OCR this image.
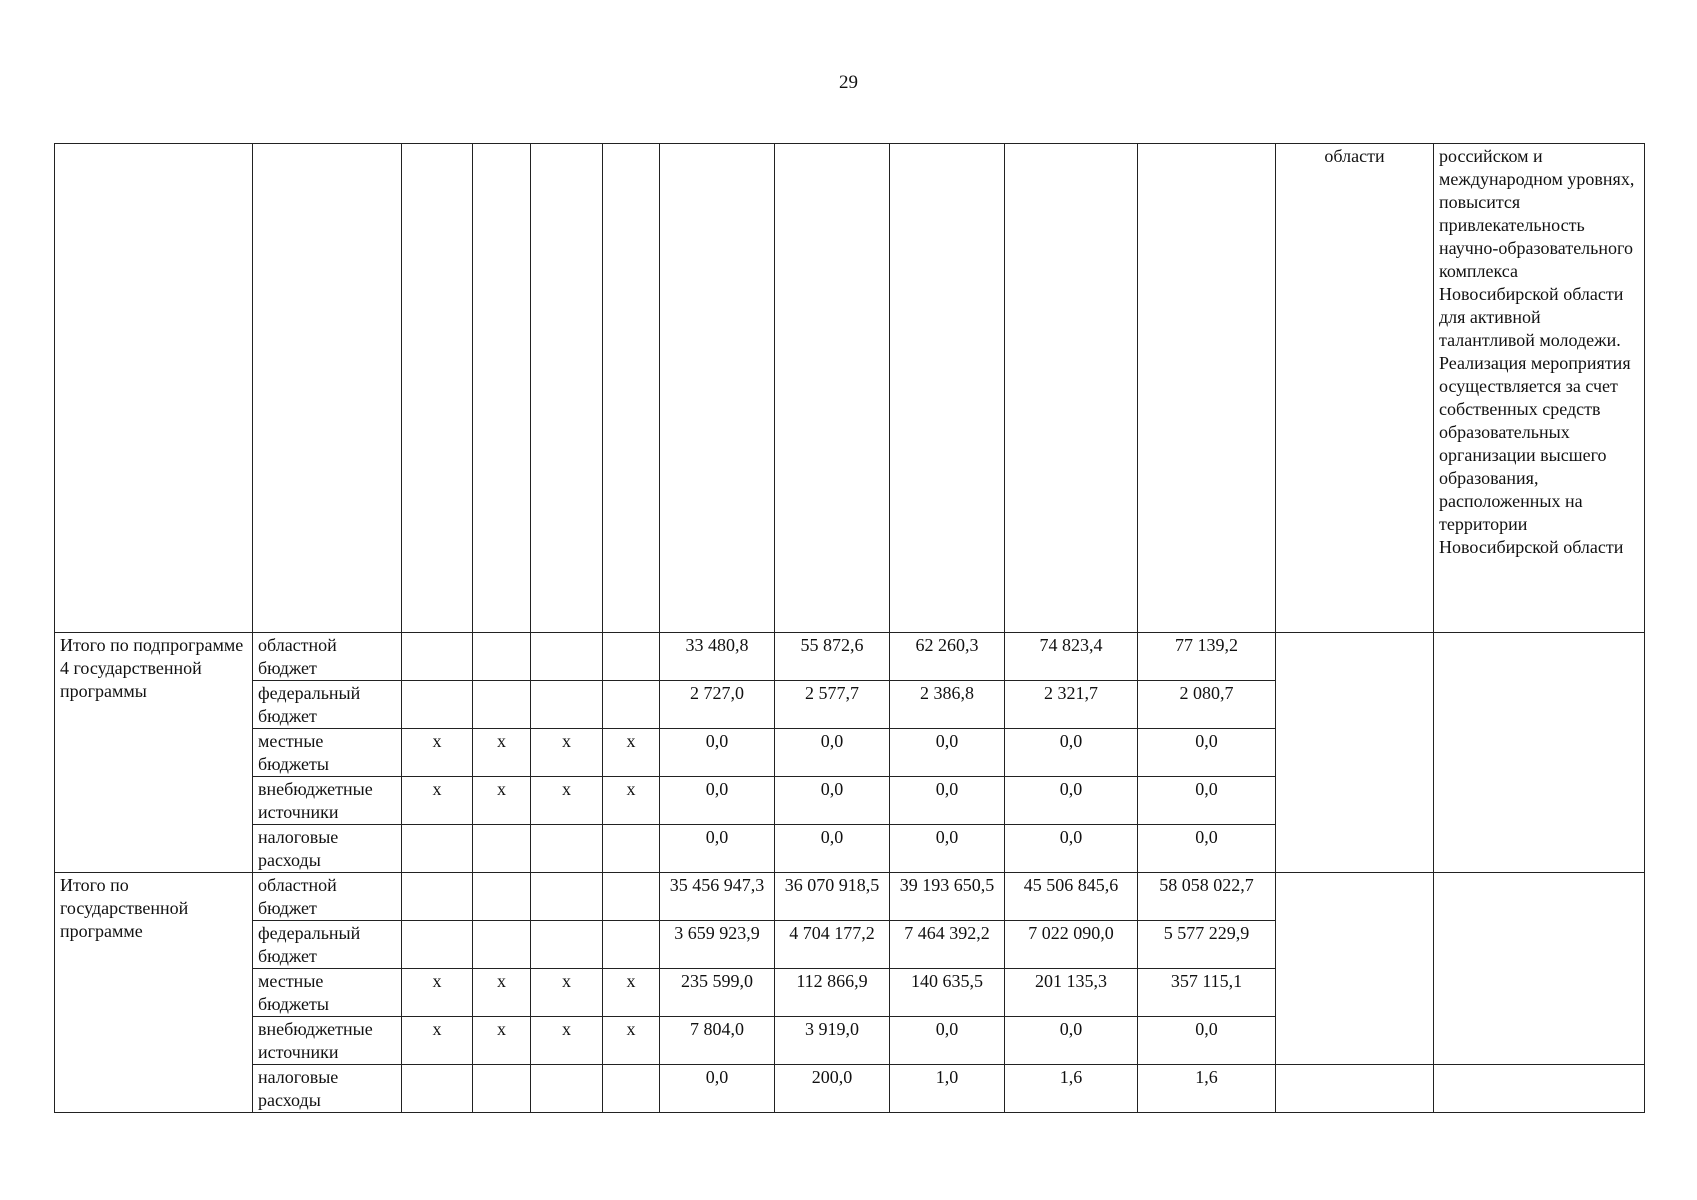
29
											области	российском и международном уровнях, повысится привлекательность научно-образовательного комплекса Новосибирской области для активной талантливой молодежи. Реализация мероприятия осуществляется за счет собственных средств образовательных организации высшего образования, расположенных на территории Новосибирской области
Итого по подпрограмме 4 государственной программы	областной бюджет					33 480,8	55 872,6	62 260,3	74 823,4	77 139,2		
	федеральный бюджет					2 727,0	2 577,7	2 386,8	2 321,7	2 080,7		
	местные бюджеты	х	х	х	х	0,0	0,0	0,0	0,0	0,0		
	внебюджетные источники	х	х	х	х	0,0	0,0	0,0	0,0	0,0		
	налоговые расходы					0,0	0,0	0,0	0,0	0,0		
Итого по государственной программе	областной бюджет					35 456 947,3	36 070 918,5	39 193 650,5	45 506 845,6	58 058 022,7		
	федеральный бюджет					3 659 923,9	4 704 177,2	7 464 392,2	7 022 090,0	5 577 229,9		
	местные бюджеты	х	х	х	х	235 599,0	112 866,9	140 635,5	201 135,3	357 115,1		
	внебюджетные источники	х	х	х	х	7 804,0	3 919,0	0,0	0,0	0,0		
	налоговые расходы					0,0	200,0	1,0	1,6	1,6		
